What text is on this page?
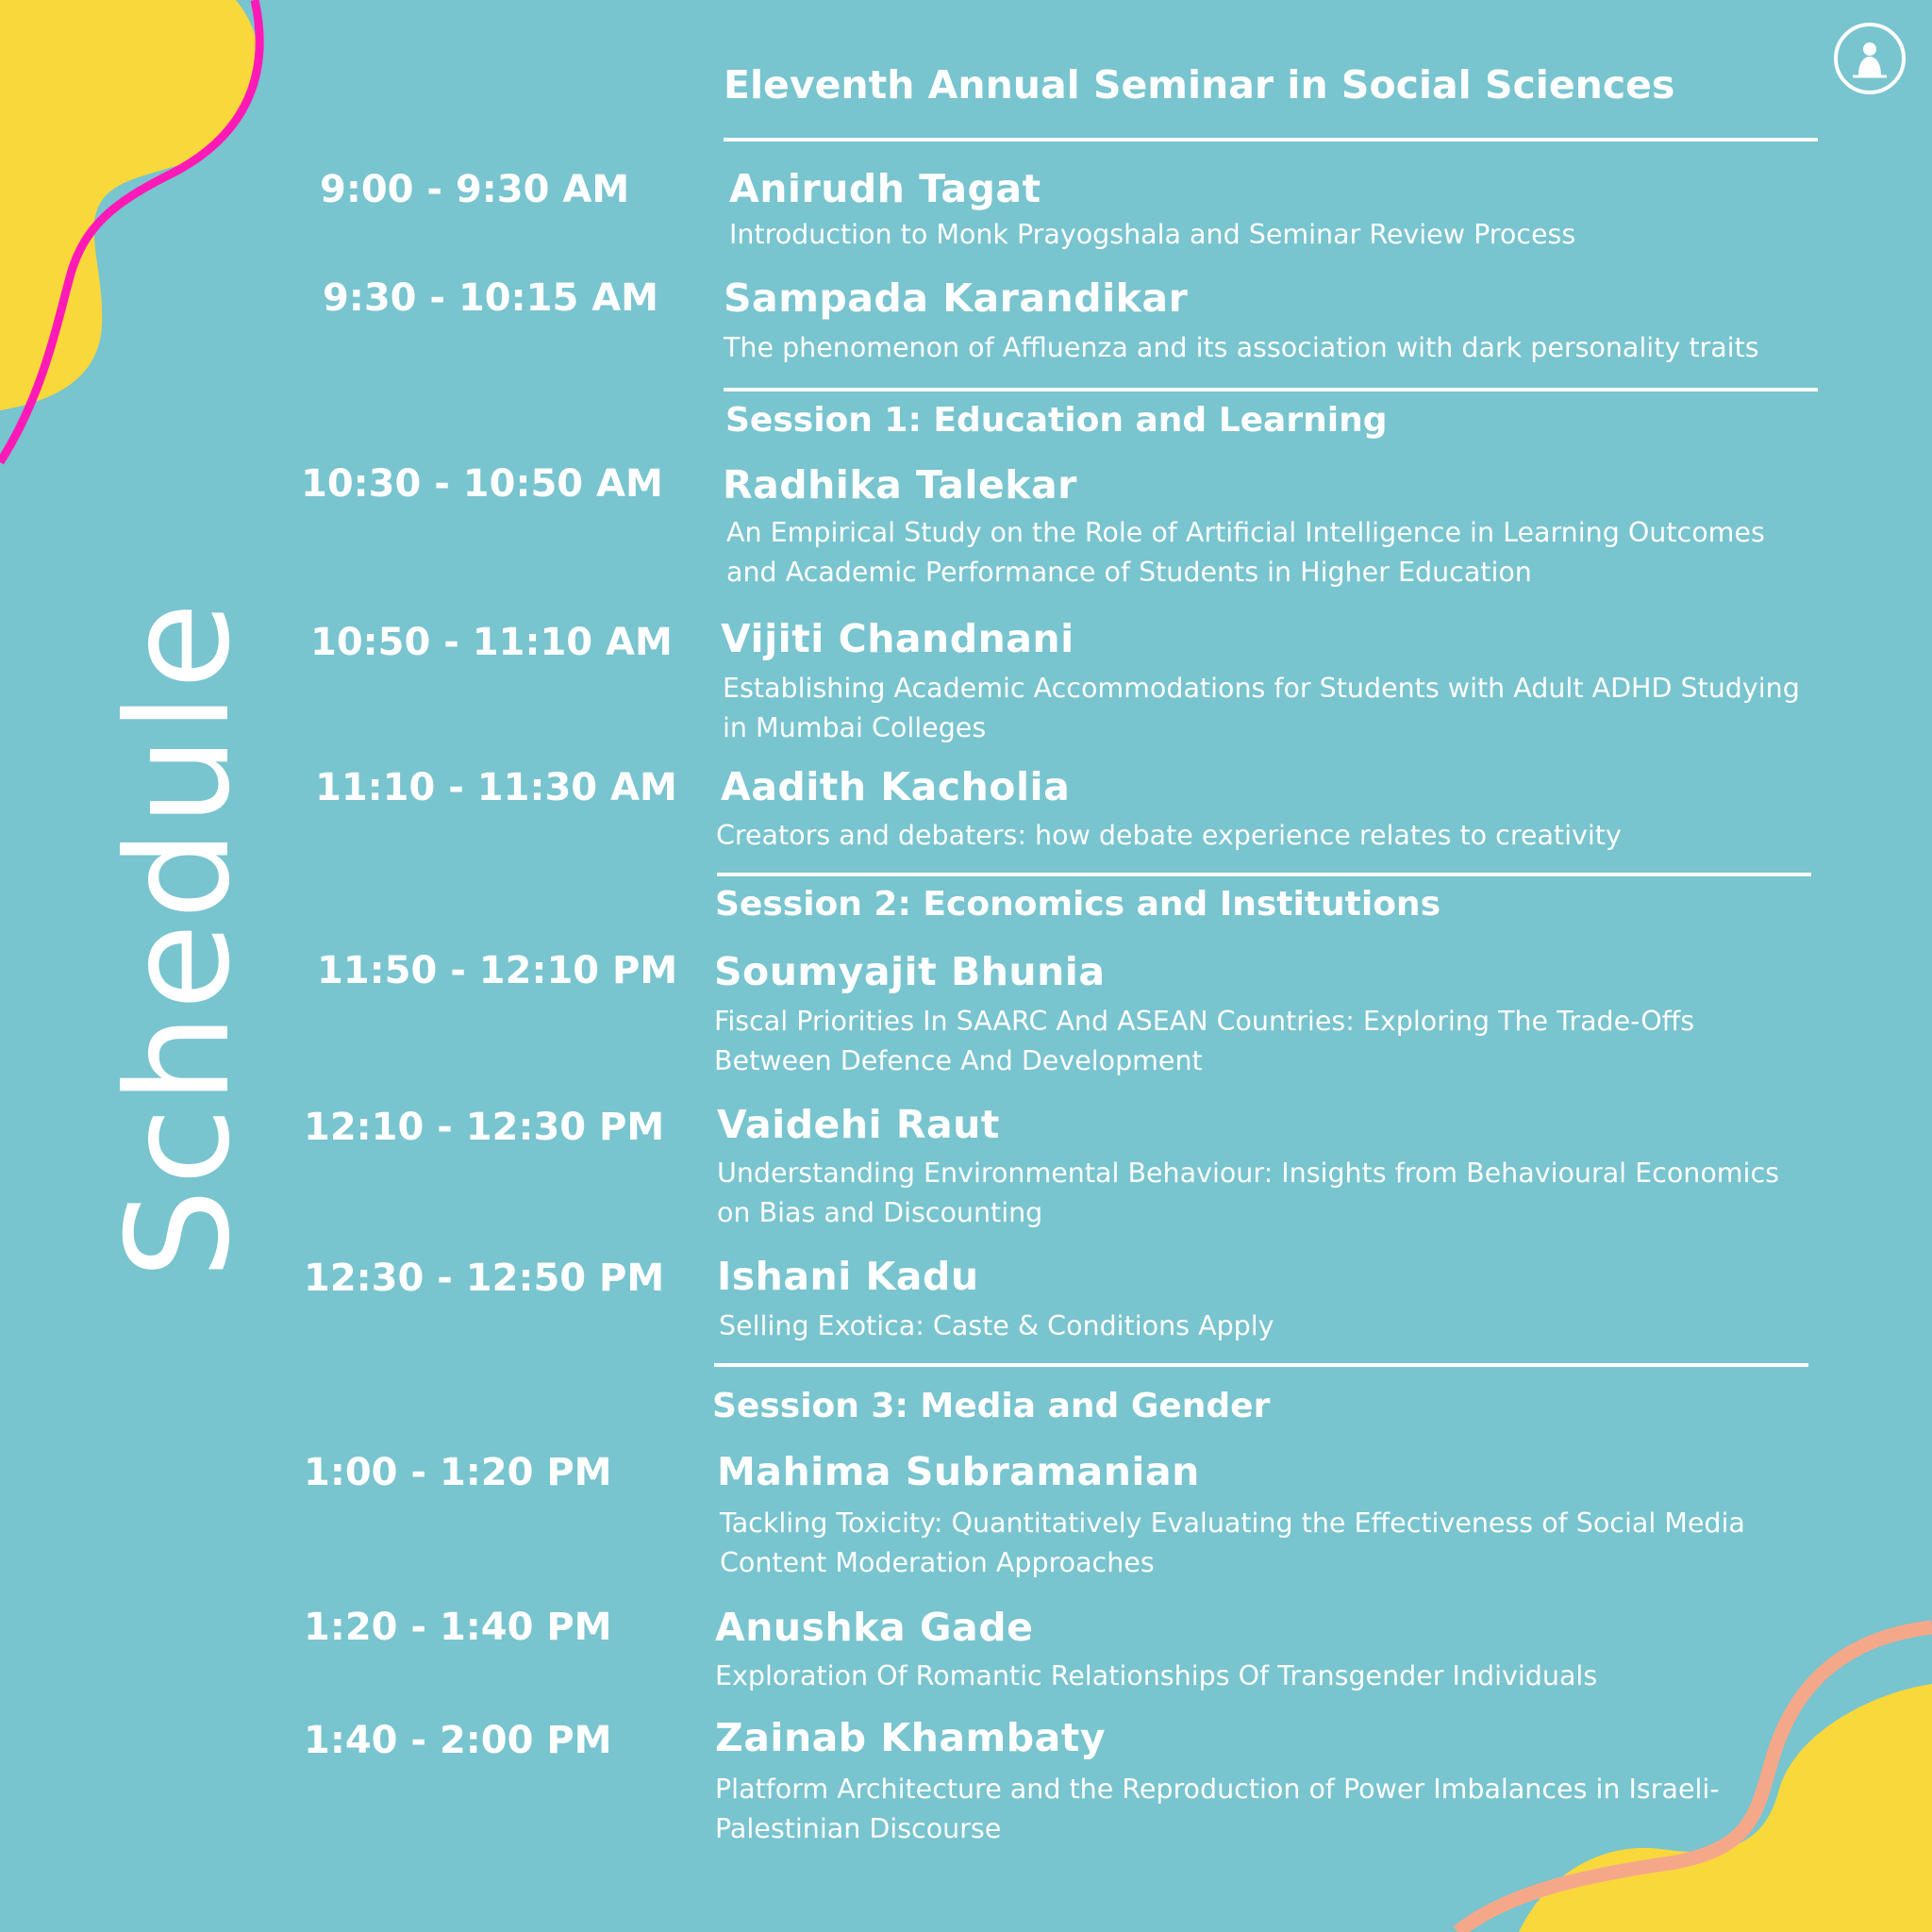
Schedule
Eleventh Annual Seminar in Social Sciences
9:00 - 9:30 AM	Anirudh Tagat
Introduction to Monk Prayogshala and Seminar Review Process
9:30 - 10:15 AM Sampada Karandikar
The phenomenon of Affluenza and its association with dark personality traits
Session 1: Education and Learning
10:30 - 10:50 AM Radhika Talekar
An Empirical Study on the Role of Artificial Intelligence in Learning Outcomes
and Academic Performance of Students in Higher Education
10:50 - 11:10 AM Vijiti Chandnani
Establishing Academic Accommodations for Students with Adult ADHD Studying
in Mumbai Colleges
11:10 - 11:30 AM Aadith Kacholia
Creators and debaters: how debate experience relates to creativity
Session 2: Economics and Institutions
11:50 - 12:10 PM Soumyajit Bhunia
Fiscal Priorities In SAARC And ASEAN Countries: Exploring The Trade-Offs
Between Defence And Development
12:10 - 12:30 PM Vaidehi Raut
Understanding Environmental Behaviour: Insights from Behavioural Economics
on Bias and Discounting
12:30 - 12:50 PM Ishani Kadu
Selling Exotica: Caste & Conditions Apply
Session 3: Media and Gender
1:00 - 1:20 PM	Mahima Subramanian
Tackling Toxicity: Quantitatively Evaluating the Effectiveness of Social Media
Content Moderation Approaches
1:20 - 1:40 PM	Anushka Gade
Exploration Of Romantic Relationships Of Transgender Individuals
1:40 - 2:00 PM	Zainab Khambaty
Platform Architecture and the Reproduction of Power Imbalances in Israeli-
Palestinian Discourse
